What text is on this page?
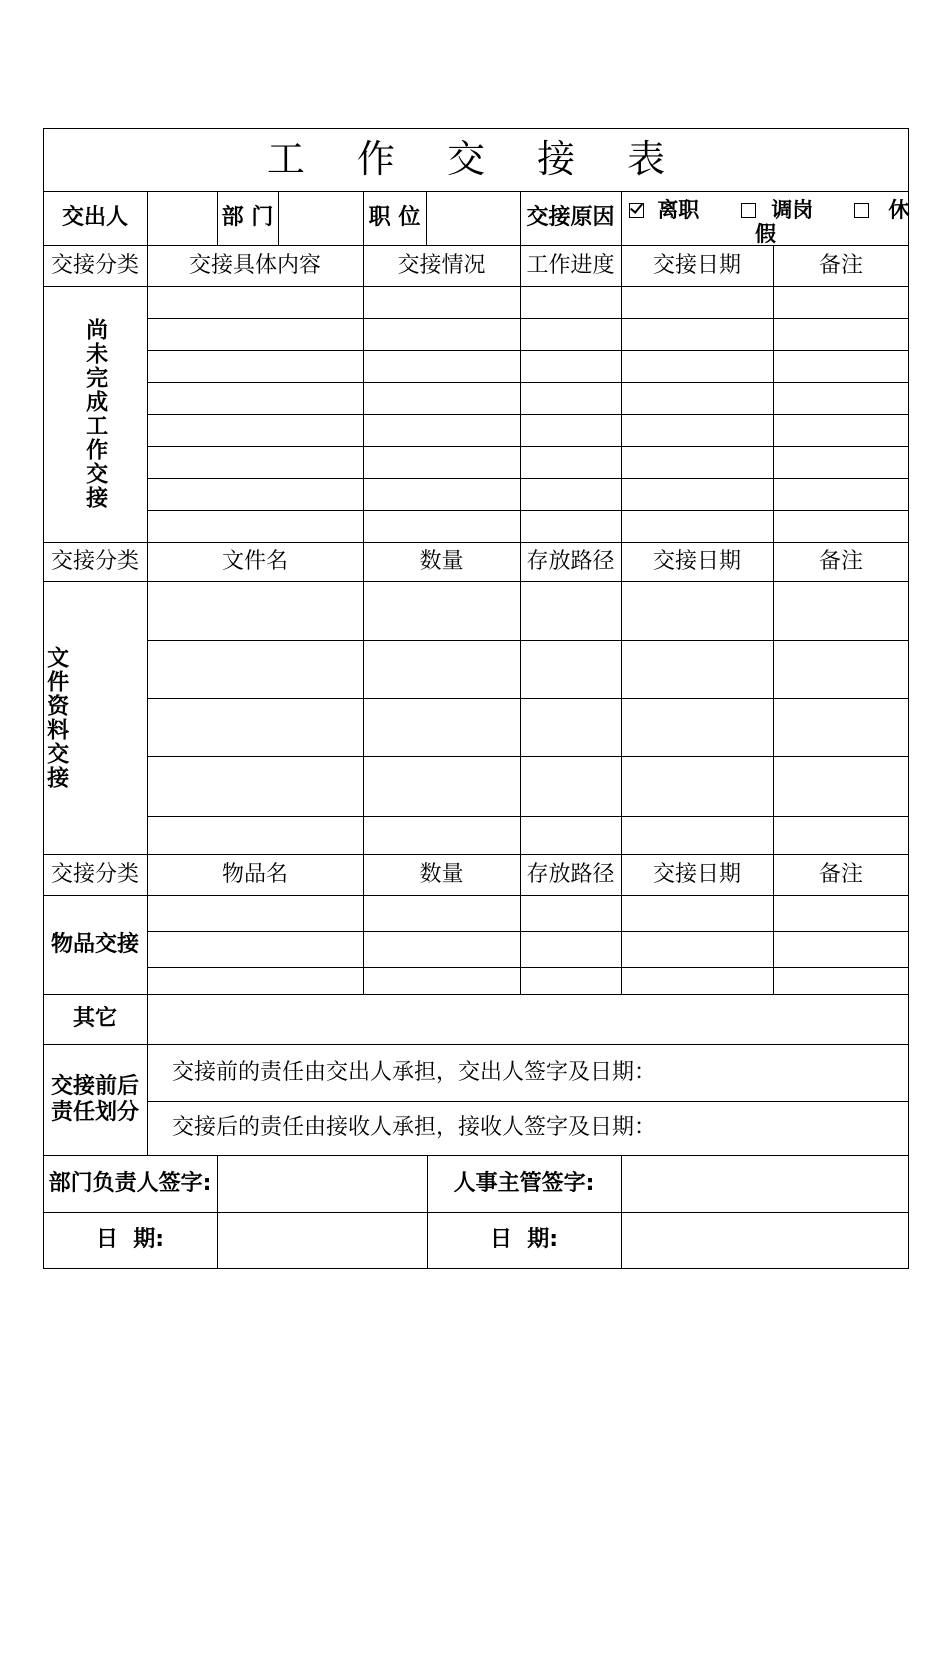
工 作 交 接 表
交出人	部 门	职 位	交接原因	离职	调岗	休
假
交接分类	交接具体内容	交接情况	工作进度	交接日期	备注
尚未完成工作交接
交接分类	文件名	数量	存放路径	交接日期	备注
文件资料交接
交接分类	物品名	数量	存放路径	交接日期	备注
物品交接
其它
交接前后
责任划分
交接前的责任由交出人承担，交出人签字及日期：
交接后的责任由接收人承担，接收人签字及日期：
部门负责人签字:	人事主管签字:
日  期:	日  期:
